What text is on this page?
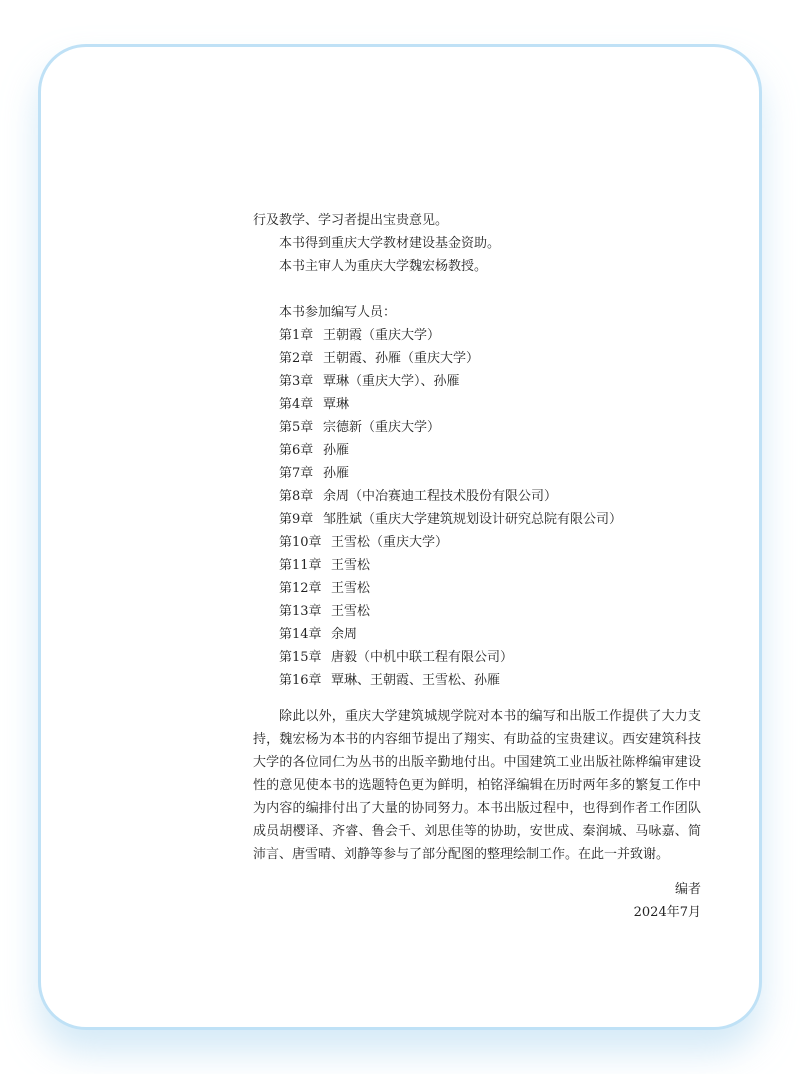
行及教学、学习者提出宝贵意见。
本书得到重庆大学教材建设基金资助。
本书主审人为重庆大学魏宏杨教授。
本书参加编写人员：
第1章 王朝霞（重庆大学）
第2章 王朝霞、孙雁（重庆大学）
第3章 覃琳（重庆大学）、孙雁
第4章 覃琳
第5章 宗德新（重庆大学）
第6章 孙雁
第7章 孙雁
第8章 余周（中冶赛迪工程技术股份有限公司）
第9章 邹胜斌（重庆大学建筑规划设计研究总院有限公司）
第10章 王雪松（重庆大学）
第11章 王雪松
第12章 王雪松
第13章 王雪松
第14章 余周
第15章 唐毅（中机中联工程有限公司）
第16章 覃琳、王朝霞、王雪松、孙雁

除此以外，重庆大学建筑城规学院对本书的编写和出版工作提供了大力支持，魏宏杨为本书的内容细节提出了翔实、有助益的宝贵建议。西安建筑科技大学的各位同仁为丛书的出版辛勤地付出。中国建筑工业出版社陈桦编审建设性的意见使本书的选题特色更为鲜明，柏铭泽编辑在历时两年多的繁复工作中为内容的编排付出了大量的协同努力。本书出版过程中，也得到作者工作团队成员胡樱译、齐睿、鲁会千、刘思佳等的协助，安世成、秦润城、马咏嘉、简沛言、唐雪晴、刘静等参与了部分配图的整理绘制工作。在此一并致谢。

编者
2024年7月
